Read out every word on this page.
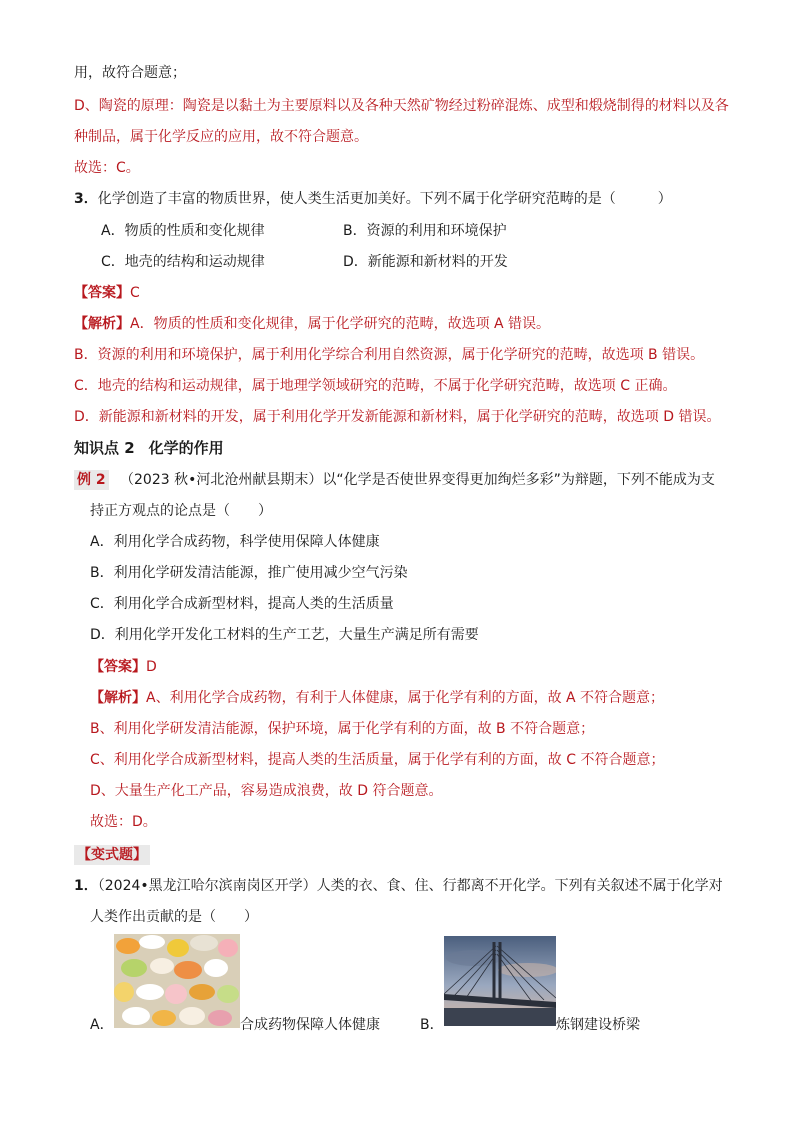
用，故符合题意；
D、陶瓷的原理：陶瓷是以黏土为主要原料以及各种天然矿物经过粉碎混炼、成型和煅烧制得的材料以及各
种制品，属于化学反应的应用，故不符合题意。
故选：C。
3．化学创造了丰富的物质世界，使人类生活更加美好。下列不属于化学研究范畴的是（　　　）
A．物质的性质和变化规律	B．资源的利用和环境保护
C．地壳的结构和运动规律	D．新能源和新材料的开发
【答案】C
【解析】A．物质的性质和变化规律，属于化学研究的范畴，故选项 A 错误。
B．资源的利用和环境保护，属于利用化学综合利用自然资源，属于化学研究的范畴，故选项 B 错误。
C．地壳的结构和运动规律，属于地理学领域研究的范畴，不属于化学研究范畴，故选项 C 正确。
D．新能源和新材料的开发，属于利用化学开发新能源和新材料，属于化学研究的范畴，故选项 D 错误。
知识点 2 化学的作用
例 2 （2023 秋•河北沧州献县期末）以“化学是否使世界变得更加绚烂多彩”为辩题，下列不能成为支
持正方观点的论点是（　　）
A．利用化学合成药物，科学使用保障人体健康
B．利用化学研发清洁能源，推广使用减少空气污染
C．利用化学合成新型材料，提高人类的生活质量
D．利用化学开发化工材料的生产工艺，大量生产满足所有需要
【答案】D
【解析】A、利用化学合成药物，有利于人体健康，属于化学有利的方面，故 A 不符合题意；
B、利用化学研发清洁能源，保护环境，属于化学有利的方面，故 B 不符合题意；
C、利用化学合成新型材料，提高人类的生活质量，属于化学有利的方面，故 C 不符合题意；
D、大量生产化工产品，容易造成浪费，故 D 符合题意。
故选：D。
【变式题】
1．（2024•黑龙江哈尔滨南岗区开学）人类的衣、食、住、行都离不开化学。下列有关叙述不属于化学对
人类作出贡献的是（　　）
A．	合成药物保障人体健康	B．	炼钢建设桥梁
